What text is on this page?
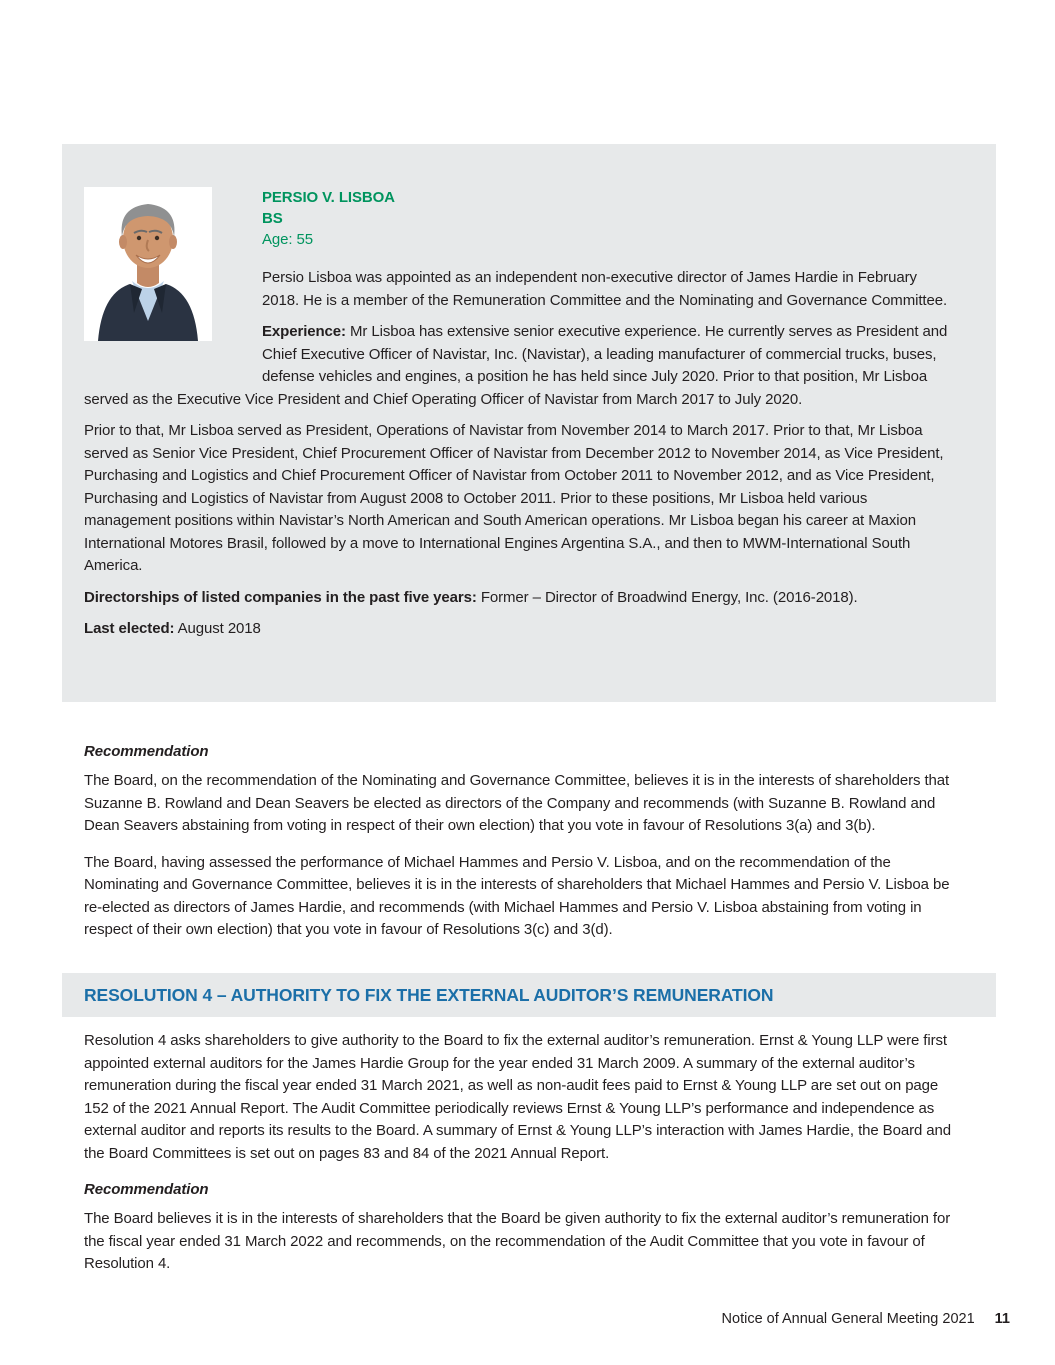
PERSIO V. LISBOA
BS
Age: 55

Persio Lisboa was appointed as an independent non-executive director of James Hardie in February 2018. He is a member of the Remuneration Committee and the Nominating and Governance Committee.

Experience: Mr Lisboa has extensive senior executive experience. He currently serves as President and Chief Executive Officer of Navistar, Inc. (Navistar), a leading manufacturer of commercial trucks, buses, defense vehicles and engines, a position he has held since July 2020. Prior to that position, Mr Lisboa served as the Executive Vice President and Chief Operating Officer of Navistar from March 2017 to July 2020.

Prior to that, Mr Lisboa served as President, Operations of Navistar from November 2014 to March 2017. Prior to that, Mr Lisboa served as Senior Vice President, Chief Procurement Officer of Navistar from December 2012 to November 2014, as Vice President, Purchasing and Logistics and Chief Procurement Officer of Navistar from October 2011 to November 2012, and as Vice President, Purchasing and Logistics of Navistar from August 2008 to October 2011. Prior to these positions, Mr Lisboa held various management positions within Navistar’s North American and South American operations. Mr Lisboa began his career at Maxion International Motores Brasil, followed by a move to International Engines Argentina S.A., and then to MWM-International South America.

Directorships of listed companies in the past five years: Former – Director of Broadwind Energy, Inc. (2016-2018).

Last elected: August 2018

Recommendation

The Board, on the recommendation of the Nominating and Governance Committee, believes it is in the interests of shareholders that Suzanne B. Rowland and Dean Seavers be elected as directors of the Company and recommends (with Suzanne B. Rowland and Dean Seavers abstaining from voting in respect of their own election) that you vote in favour of Resolutions 3(a) and 3(b).

The Board, having assessed the performance of Michael Hammes and Persio V. Lisboa, and on the recommendation of the Nominating and Governance Committee, believes it is in the interests of shareholders that Michael Hammes and Persio V. Lisboa be re-elected as directors of James Hardie, and recommends (with Michael Hammes and Persio V. Lisboa abstaining from voting in respect of their own election) that you vote in favour of Resolutions 3(c) and 3(d).

RESOLUTION 4 – AUTHORITY TO FIX THE EXTERNAL AUDITOR’S REMUNERATION

Resolution 4 asks shareholders to give authority to the Board to fix the external auditor’s remuneration. Ernst & Young LLP were first appointed external auditors for the James Hardie Group for the year ended 31 March 2009. A summary of the external auditor’s remuneration during the fiscal year ended 31 March 2021, as well as non-audit fees paid to Ernst & Young LLP are set out on page 152 of the 2021 Annual Report. The Audit Committee periodically reviews Ernst & Young LLP’s performance and independence as external auditor and reports its results to the Board. A summary of Ernst & Young LLP’s interaction with James Hardie, the Board and the Board Committees is set out on pages 83 and 84 of the 2021 Annual Report.

Recommendation

The Board believes it is in the interests of shareholders that the Board be given authority to fix the external auditor’s remuneration for the fiscal year ended 31 March 2022 and recommends, on the recommendation of the Audit Committee that you vote in favour of Resolution 4.

Notice of Annual General Meeting 2021 11
